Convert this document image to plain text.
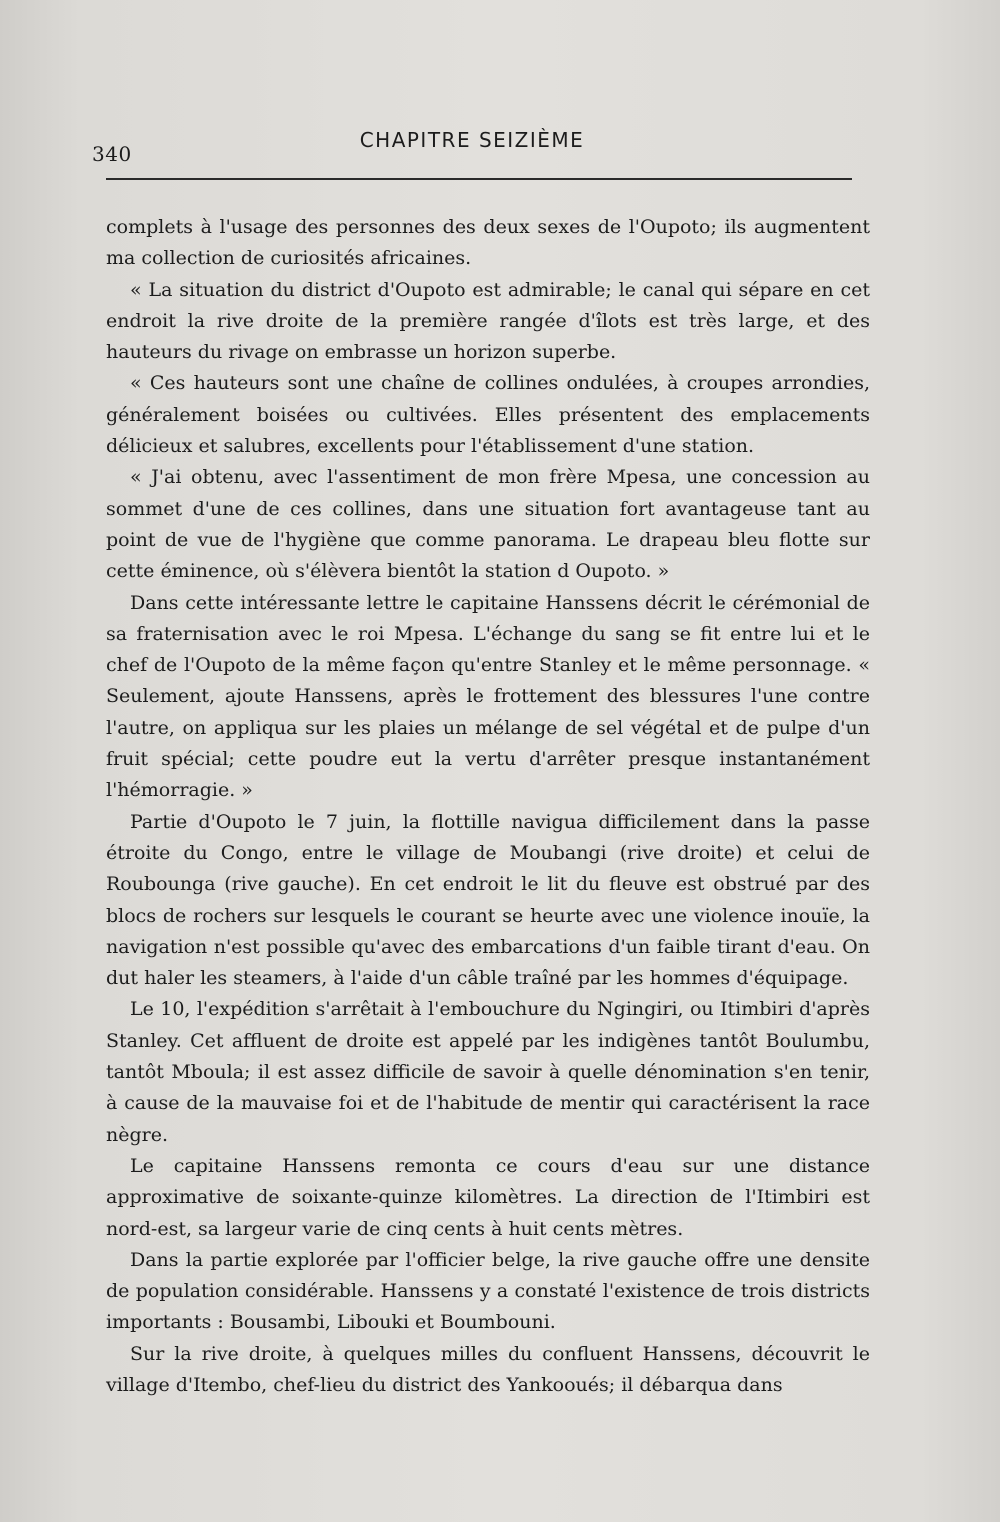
340
CHAPITRE SEIZIÈME

complets à l'usage des personnes des deux sexes de l'Oupoto; ils augmentent ma collection de curiosités africaines.

« La situation du district d'Oupoto est admirable; le canal qui sépare en cet endroit la rive droite de la première rangée d'îlots est très large, et des hauteurs du rivage on embrasse un horizon superbe.

« Ces hauteurs sont une chaîne de collines ondulées, à croupes arrondies, généralement boisées ou cultivées. Elles présentent des emplacements délicieux et salubres, excellents pour l'établissement d'une station.

« J'ai obtenu, avec l'assentiment de mon frère Mpesa, une concession au sommet d'une de ces collines, dans une situation fort avantageuse tant au point de vue de l'hygiène que comme panorama. Le drapeau bleu flotte sur cette éminence, où s'élèvera bientôt la station d Oupoto. »

Dans cette intéressante lettre le capitaine Hanssens décrit le cérémonial de sa fraternisation avec le roi Mpesa. L'échange du sang se fit entre lui et le chef de l'Oupoto de la même façon qu'entre Stanley et le même personnage. « Seulement, ajoute Hanssens, après le frottement des blessures l'une contre l'autre, on appliqua sur les plaies un mélange de sel végétal et de pulpe d'un fruit spécial; cette poudre eut la vertu d'arrêter presque instantanément l'hémorragie. »

Partie d'Oupoto le 7 juin, la flottille navigua difficilement dans la passe étroite du Congo, entre le village de Moubangi (rive droite) et celui de Roubounga (rive gauche). En cet endroit le lit du fleuve est obstrué par des blocs de rochers sur lesquels le courant se heurte avec une violence inouïe, la navigation n'est possible qu'avec des embarcations d'un faible tirant d'eau. On dut haler les steamers, à l'aide d'un câble traîné par les hommes d'équipage.

Le 10, l'expédition s'arrêtait à l'embouchure du Ngingiri, ou Itimbiri d'après Stanley. Cet affluent de droite est appelé par les indigènes tantôt Boulumbu, tantôt Mboula; il est assez difficile de savoir à quelle dénomination s'en tenir, à cause de la mauvaise foi et de l'habitude de mentir qui caractérisent la race nègre.

Le capitaine Hanssens remonta ce cours d'eau sur une distance approximative de soixante-quinze kilomètres. La direction de l'Itimbiri est nord-est, sa largeur varie de cinq cents à huit cents mètres.

Dans la partie explorée par l'officier belge, la rive gauche offre une densite de population considérable. Hanssens y a constaté l'existence de trois districts importants : Bousambi, Libouki et Boumbouni.

Sur la rive droite, à quelques milles du confluent Hanssens, découvrit le village d'Itembo, chef-lieu du district des Yankooués; il débarqua dans
